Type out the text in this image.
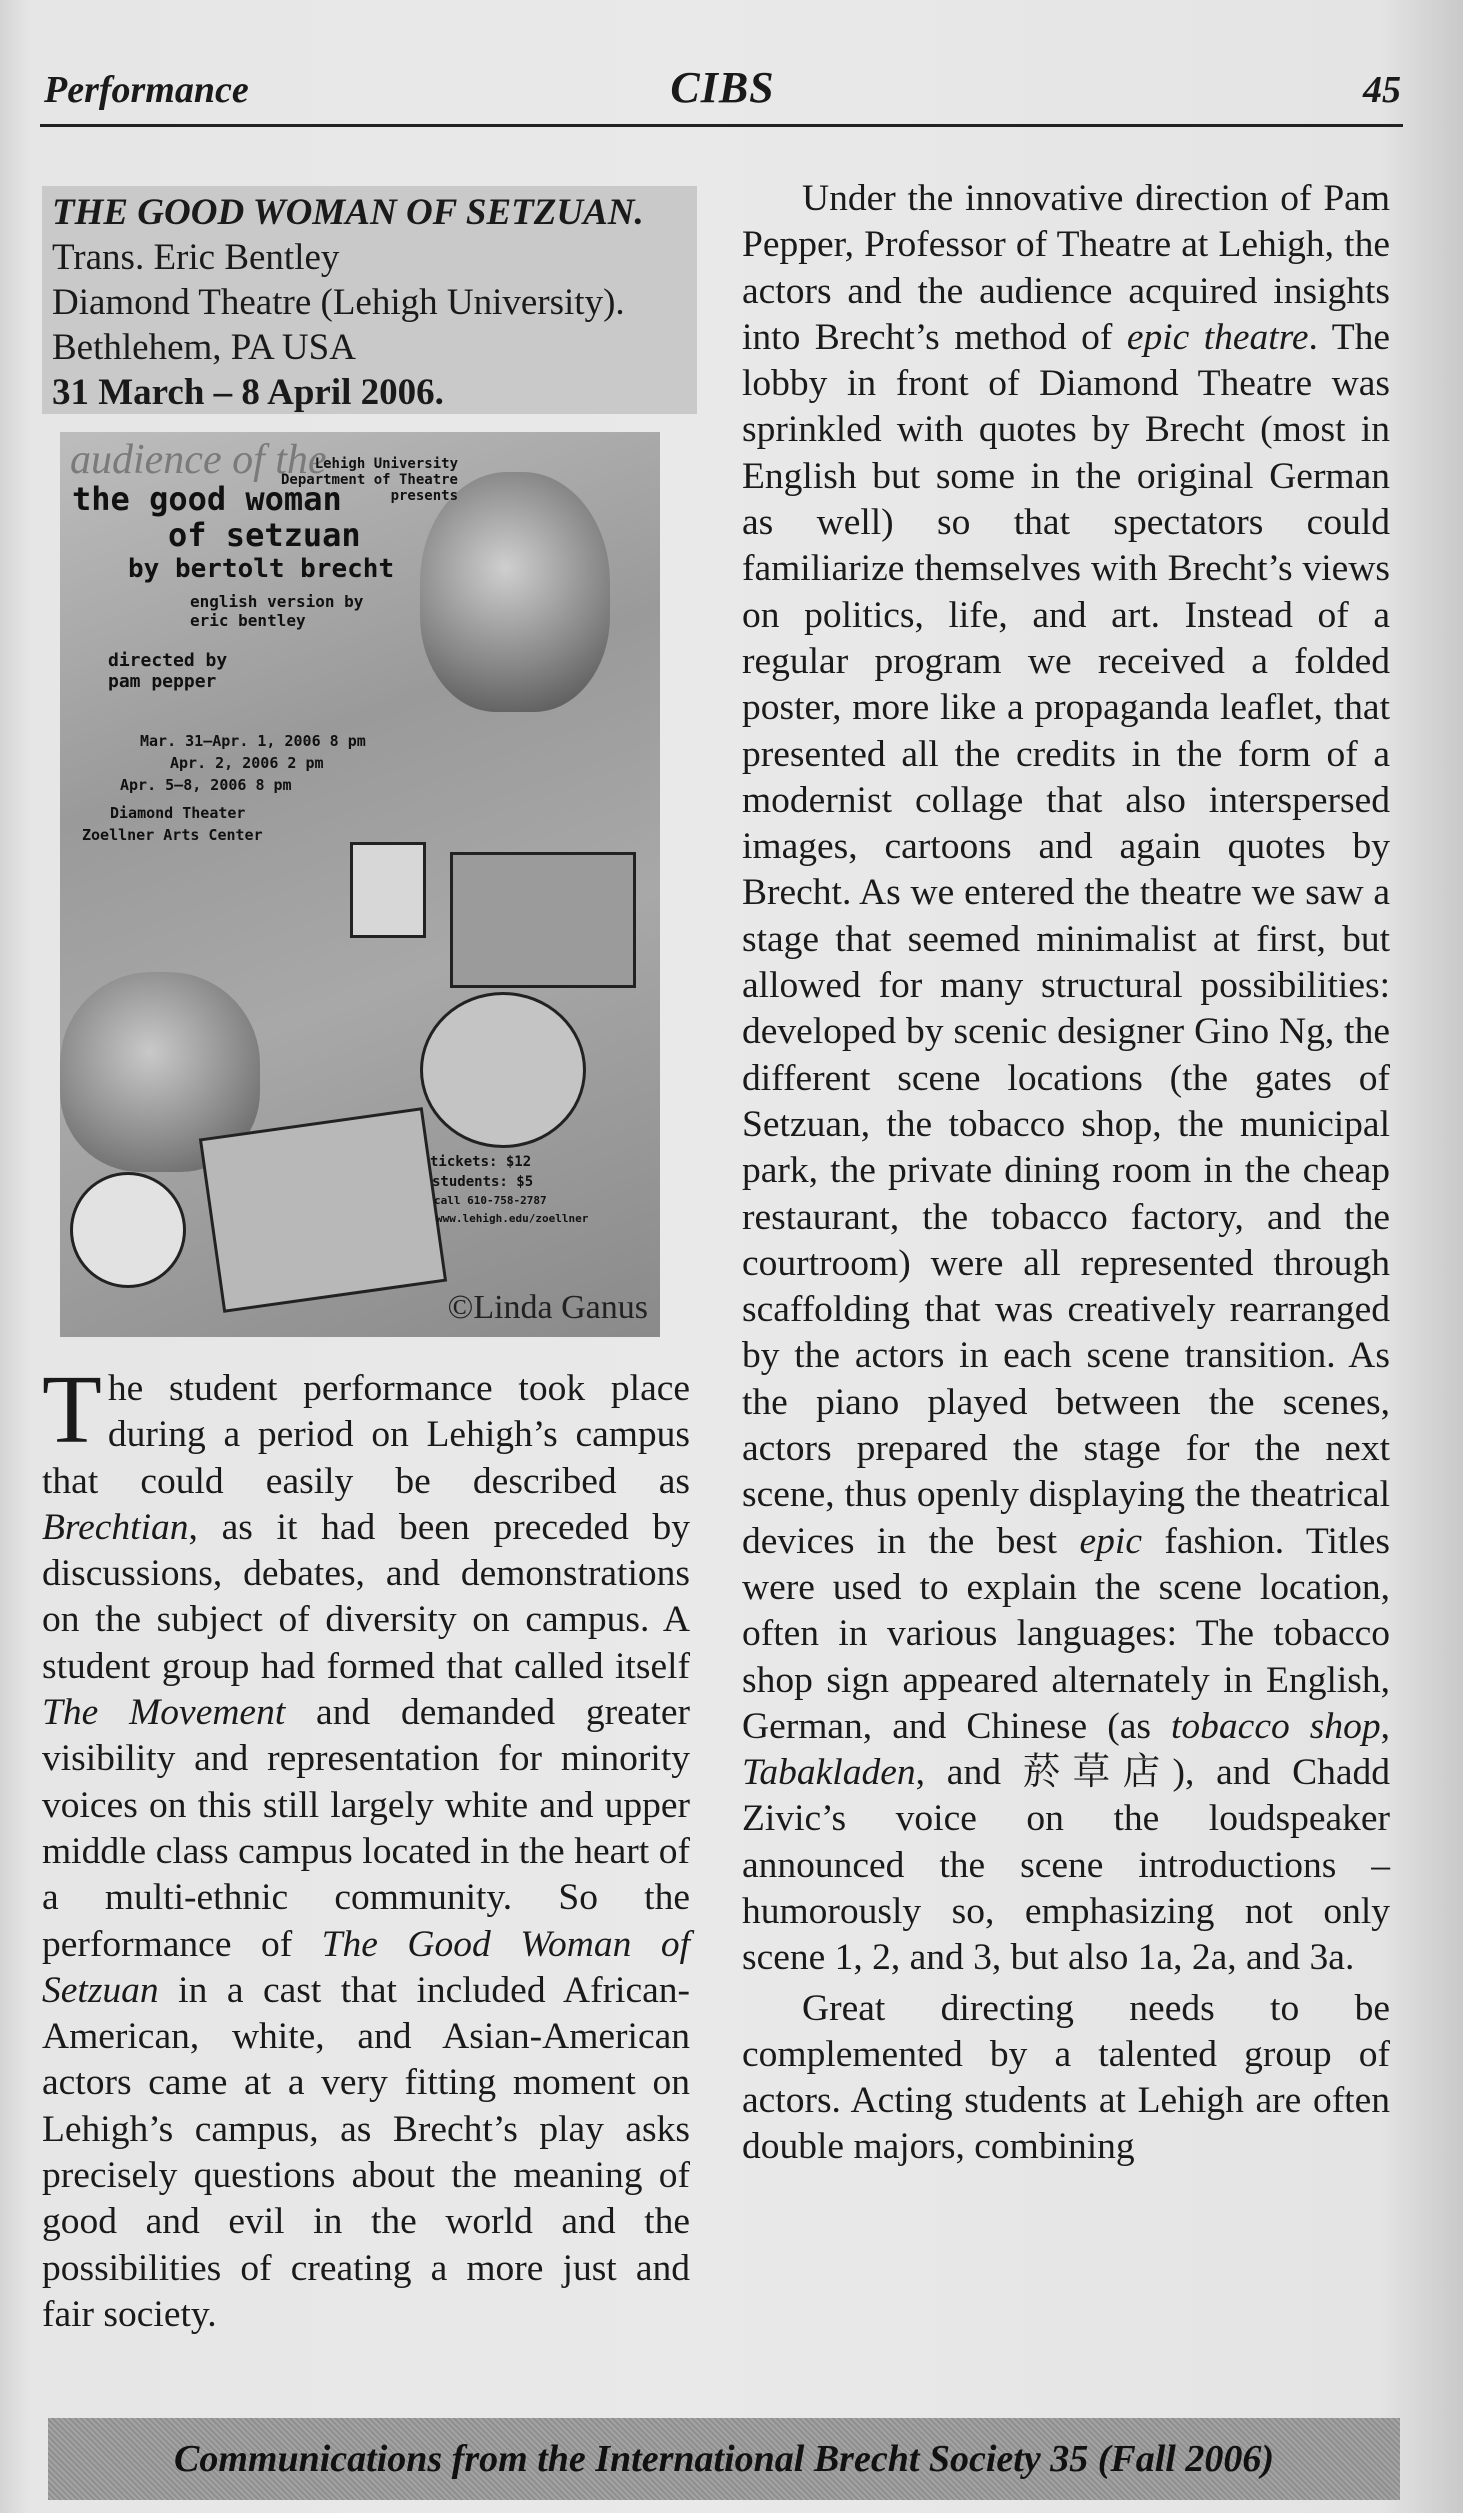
Performance	CIBS	45
THE GOOD WOMAN OF SETZUAN. Trans. Eric Bentley
Diamond Theatre (Lehigh University).
Bethlehem, PA USA
31 March – 8 April 2006.
audience of the
Lehigh University Department of Theatre presents
the good woman
of setzuan
by bertolt brecht
english version by eric bentley
directed by pam pepper
Mar. 31–Apr. 1, 2006 8 pm
Apr. 2, 2006 2 pm
Apr. 5–8, 2006 8 pm
Diamond Theater
Zoellner Arts Center
tickets: $12
students: $5
call 610-758-2787
www.lehigh.edu/zoellner
©Linda Ganus
The student performance took place during a period on Lehigh’s campus that could easily be described as Brechtian, as it had been preceded by discussions, debates, and demonstrations on the subject of diversity on campus. A student group had formed that called itself The Movement and demanded greater visibility and representation for minority voices on this still largely white and upper middle class campus located in the heart of a multi-ethnic community. So the performance of The Good Woman of Setzuan in a cast that included African-American, white, and Asian-American actors came at a very fitting moment on Lehigh’s campus, as Brecht’s play asks precisely questions about the meaning of good and evil in the world and the possibilities of creating a more just and fair society.

Under the innovative direction of Pam Pepper, Professor of Theatre at Lehigh, the actors and the audience acquired insights into Brecht’s method of epic theatre. The lobby in front of Diamond Theatre was sprinkled with quotes by Brecht (most in English but some in the original German as well) so that spectators could familiarize themselves with Brecht’s views on politics, life, and art. Instead of a regular program we received a folded poster, more like a propaganda leaflet, that presented all the credits in the form of a modernist collage that also interspersed images, cartoons and again quotes by Brecht. As we entered the theatre we saw a stage that seemed minimalist at first, but allowed for many structural possibilities: developed by scenic designer Gino Ng, the different scene locations (the gates of Setzuan, the tobacco shop, the municipal park, the private dining room in the cheap restaurant, the tobacco factory, and the courtroom) were all represented through scaffolding that was creatively rearranged by the actors in each scene transition. As the piano played between the scenes, actors prepared the stage for the next scene, thus openly displaying the theatrical devices in the best epic fashion. Titles were used to explain the scene location, often in various languages: The tobacco shop sign appeared alternately in English, German, and Chinese (as tobacco shop, Tabakladen, and 菸草店), and Chadd Zivic’s voice on the loudspeaker announced the scene introductions – humorously so, emphasizing not only scene 1, 2, and 3, but also 1a, 2a, and 3a.

Great directing needs to be complemented by a talented group of actors. Acting students at Lehigh are often double majors, combining

Communications from the International Brecht Society 35 (Fall 2006)
